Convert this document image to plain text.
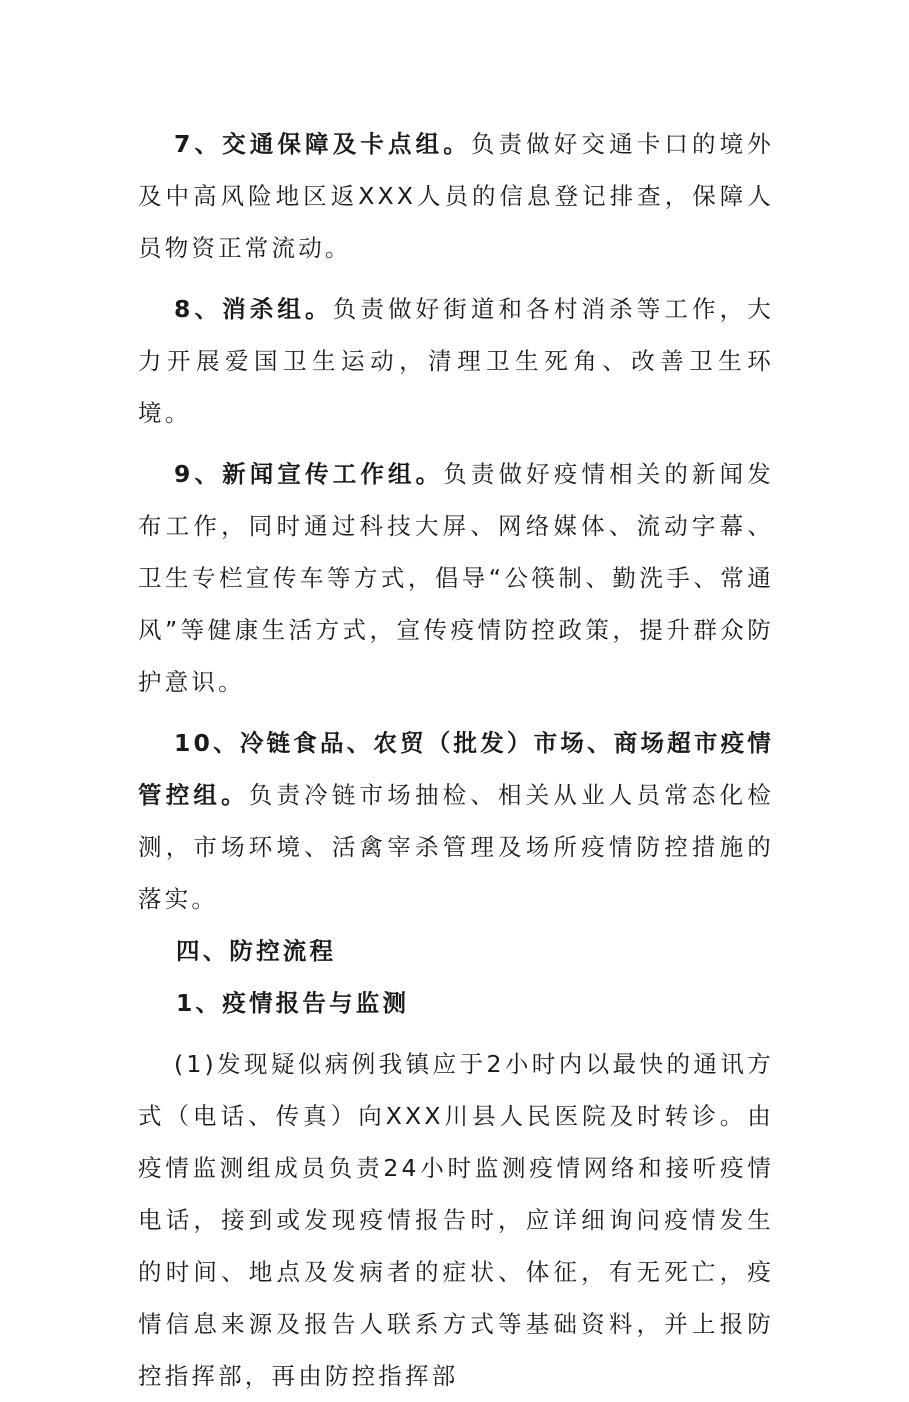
7、交通保障及卡点组。负责做好交通卡口的境外及中高风险地区返XXX人员的信息登记排查，保障人员物资正常流动。

8、消杀组。负责做好街道和各村消杀等工作，大力开展爱国卫生运动，清理卫生死角、改善卫生环境。

9、新闻宣传工作组。负责做好疫情相关的新闻发布工作，同时通过科技大屏、网络媒体、流动字幕、卫生专栏宣传车等方式，倡导“公筷制、勤洗手、常通风”等健康生活方式，宣传疫情防控政策，提升群众防护意识。

10、冷链食品、农贸（批发）市场、商场超市疫情管控组。负责冷链市场抽检、相关从业人员常态化检测，市场环境、活禽宰杀管理及场所疫情防控措施的落实。

四、防控流程

1、疫情报告与监测

(1)发现疑似病例我镇应于2小时内以最快的通讯方式（电话、传真）向XXX川县人民医院及时转诊。由疫情监测组成员负责24小时监测疫情网络和接听疫情电话，接到或发现疫情报告时，应详细询问疫情发生的时间、地点及发病者的症状、体征，有无死亡，疫情信息来源及报告人联系方式等基础资料，并上报防控指挥部，再由防控指挥部
